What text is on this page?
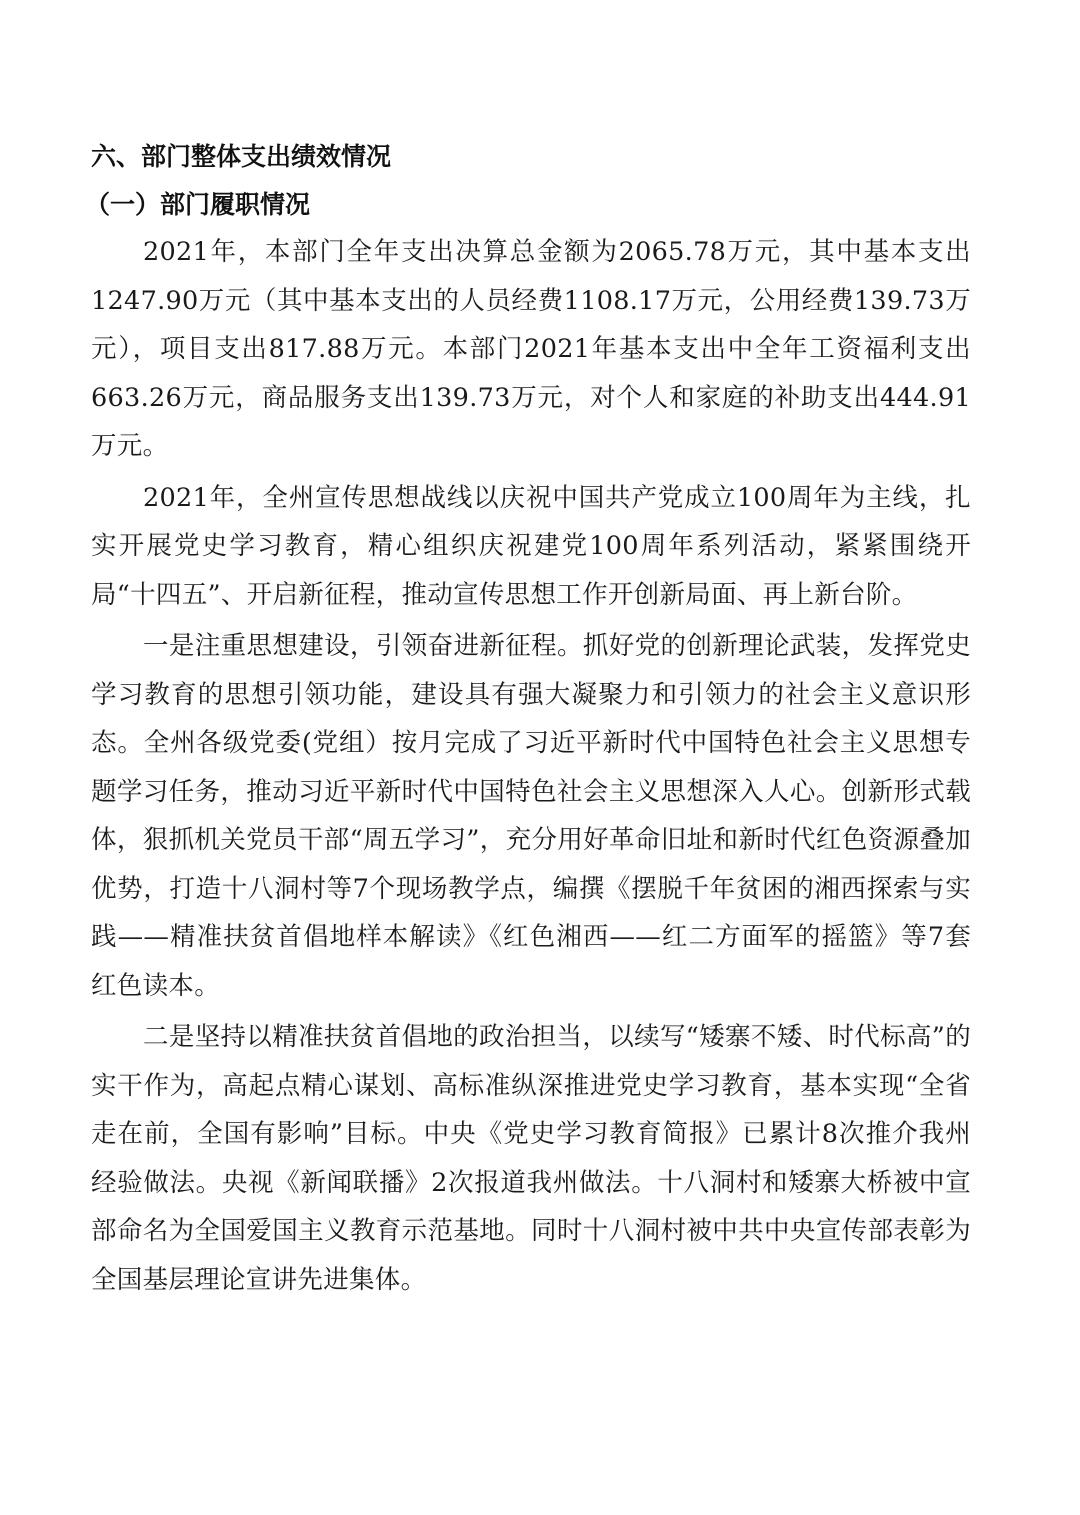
六、部门整体支出绩效情况
（一）部门履职情况

2021年，本部门全年支出决算总金额为2065.78万元，其中基本支出1247.90万元（其中基本支出的人员经费1108.17万元，公用经费139.73万元），项目支出817.88万元。本部门2021年基本支出中全年工资福利支出663.26万元，商品服务支出139.73万元，对个人和家庭的补助支出444.91万元。

2021年，全州宣传思想战线以庆祝中国共产党成立100周年为主线，扎实开展党史学习教育，精心组织庆祝建党100周年系列活动，紧紧围绕开局“十四五”、开启新征程，推动宣传思想工作开创新局面、再上新台阶。

一是注重思想建设，引领奋进新征程。抓好党的创新理论武装，发挥党史学习教育的思想引领功能，建设具有强大凝聚力和引领力的社会主义意识形态。全州各级党委(党组）按月完成了习近平新时代中国特色社会主义思想专题学习任务，推动习近平新时代中国特色社会主义思想深入人心。创新形式载体，狠抓机关党员干部“周五学习”，充分用好革命旧址和新时代红色资源叠加优势，打造十八洞村等7个现场教学点，编撰《摆脱千年贫困的湘西探索与实践——精准扶贫首倡地样本解读》《红色湘西——红二方面军的摇篮》等7套红色读本。

二是坚持以精准扶贫首倡地的政治担当，以续写“矮寨不矮、时代标高”的实干作为，高起点精心谋划、高标准纵深推进党史学习教育，基本实现“全省走在前，全国有影响”目标。中央《党史学习教育简报》已累计8次推介我州经验做法。央视《新闻联播》2次报道我州做法。十八洞村和矮寨大桥被中宣部命名为全国爱国主义教育示范基地。同时十八洞村被中共中央宣传部表彰为全国基层理论宣讲先进集体。
